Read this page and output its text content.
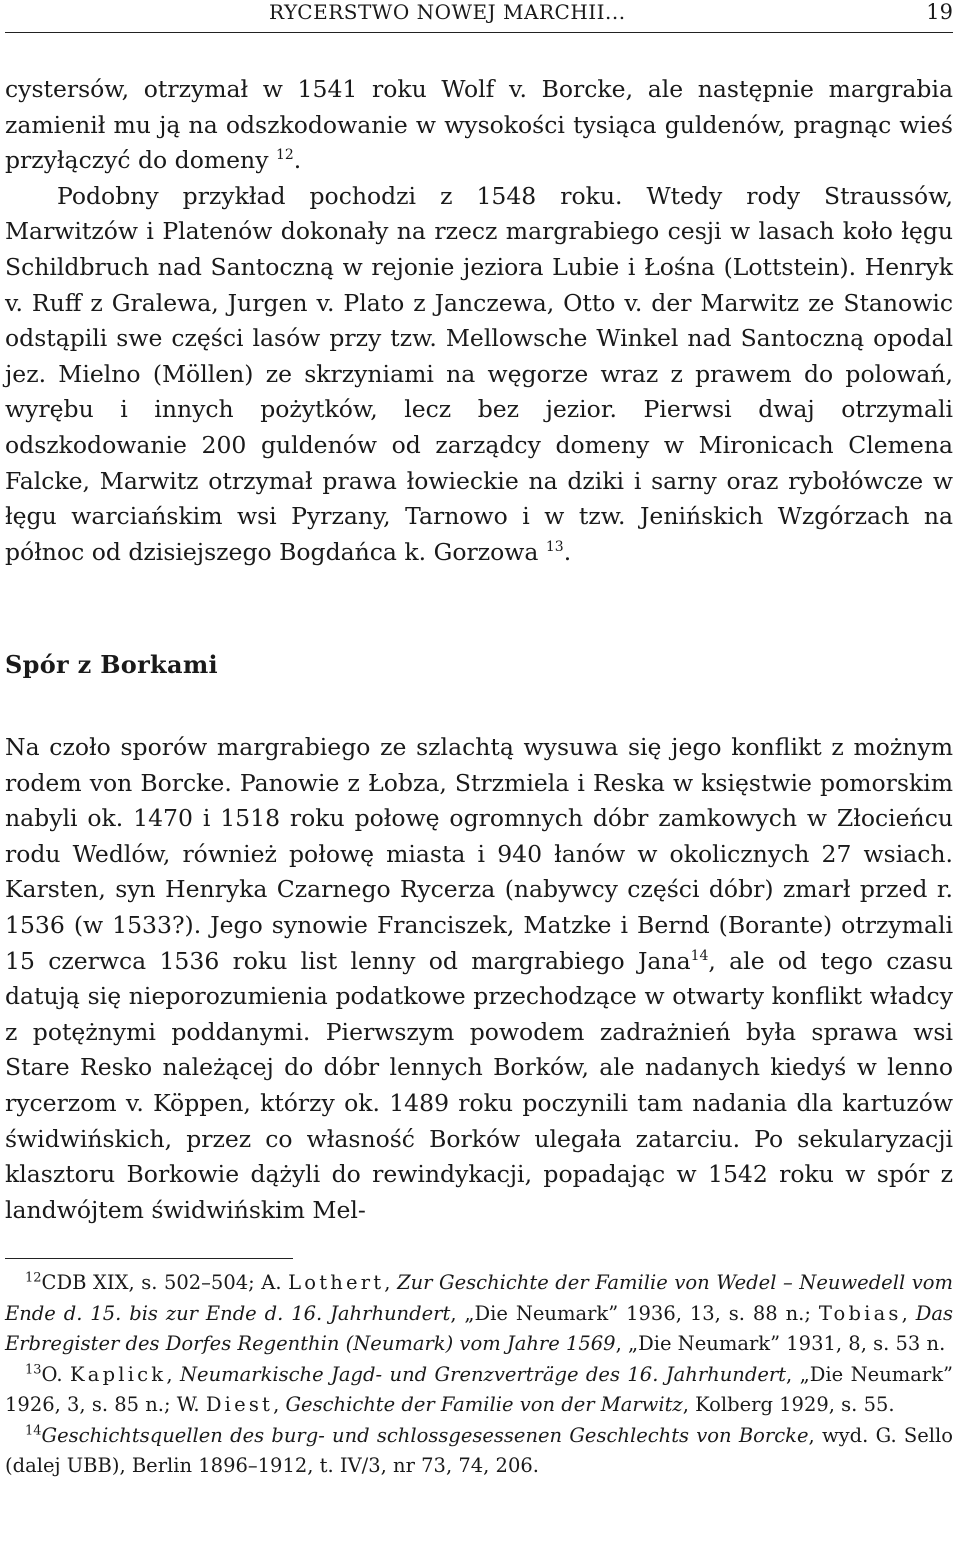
RYCERSTWO NOWEJ MARCHII...	19

cystersów, otrzymał w 1541 roku Wolf v. Borcke, ale następnie margrabia zamienił mu ją na odszkodowanie w wysokości tysiąca guldenów, pragnąc wieś przyłączyć do domeny $^{12}$.

Podobny przykład pochodzi z 1548 roku. Wtedy rody Straussów, Marwitzów i Platenów dokonały na rzecz margrabiego cesji w lasach koło łęgu Schildbruch nad Santoczną w rejonie jeziora Lubie i Łośna (Lottstein). Henryk v. Ruff z Gralewa, Jurgen v. Plato z Janczewa, Otto v. der Marwitz ze Stanowic odstąpili swe części lasów przy tzw. Mellowsche Winkel nad Santoczną opodal jez. Mielno (Möllen) ze skrzyniami na węgorze wraz z prawem do polowań, wyrębu i innych pożytków, lecz bez jezior. Pierwsi dwaj otrzymali odszkodowanie 200 guldenów od zarządcy domeny w Mironicach Clemena Falcke, Marwitz otrzymał prawa łowieckie na dziki i sarny oraz rybołówcze w łęgu warciańskim wsi Pyrzany, Tarnowo i w tzw. Jenińskich Wzgórzach na północ od dzisiejszego Bogdańca k. Gorzowa $^{13}$.

Spór z Borkami

Na czoło sporów margrabiego ze szlachtą wysuwa się jego konflikt z możnym rodem von Borcke. Panowie z Łobza, Strzmiela i Reska w księstwie pomorskim nabyli ok. 1470 i 1518 roku połowę ogromnych dóbr zamkowych w Złocieńcu rodu Wedlów, również połowę miasta i 940 łanów w okolicznych 27 wsiach. Karsten, syn Henryka Czarnego Rycerza (nabywcy części dóbr) zmarł przed r. 1536 (w 1533?). Jego synowie Franciszek, Matzke i Bernd (Borante) otrzymali 15 czerwca 1536 roku list lenny od margrabiego Jana$^{14}$, ale od tego czasu datują się nieporozumienia podatkowe przechodzące w otwarty konflikt władcy z potężnymi poddanymi. Pierwszym powodem zadrażnień była sprawa wsi Stare Resko należącej do dóbr lennych Borków, ale nadanych kiedyś w lenno rycerzom v. Köppen, którzy ok. 1489 roku poczynili tam nadania dla kartuzów świdwińskich, przez co własność Borków ulegała zatarciu. Po sekularyzacji klasztoru Borkowie dążyli do rewindykacji, popadając w 1542 roku w spór z landwójtem świdwińskim Mel-

$^{12}$CDB XIX, s. 502–504; A. Lothert, Zur Geschichte der Familie von Wedel – Neuwedell vom Ende d. 15. bis zur Ende d. 16. Jahrhundert, „Die Neumark” 1936, 13, s. 88 n.; Tobias, Das Erbregister des Dorfes Regenthin (Neumark) vom Jahre 1569, „Die Neumark” 1931, 8, s. 53 n.

$^{13}$O. Kaplick, Neumarkische Jagd- und Grenzverträge des 16. Jahrhundert, „Die Neumark” 1926, 3, s. 85 n.; W. Diest, Geschichte der Familie von der Marwitz, Kolberg 1929, s. 55.

$^{14}$Geschichtsquellen des burg- und schlossgesessenen Geschlechts von Borcke, wyd. G. Sello (dalej UBB), Berlin 1896–1912, t. IV/3, nr 73, 74, 206.
